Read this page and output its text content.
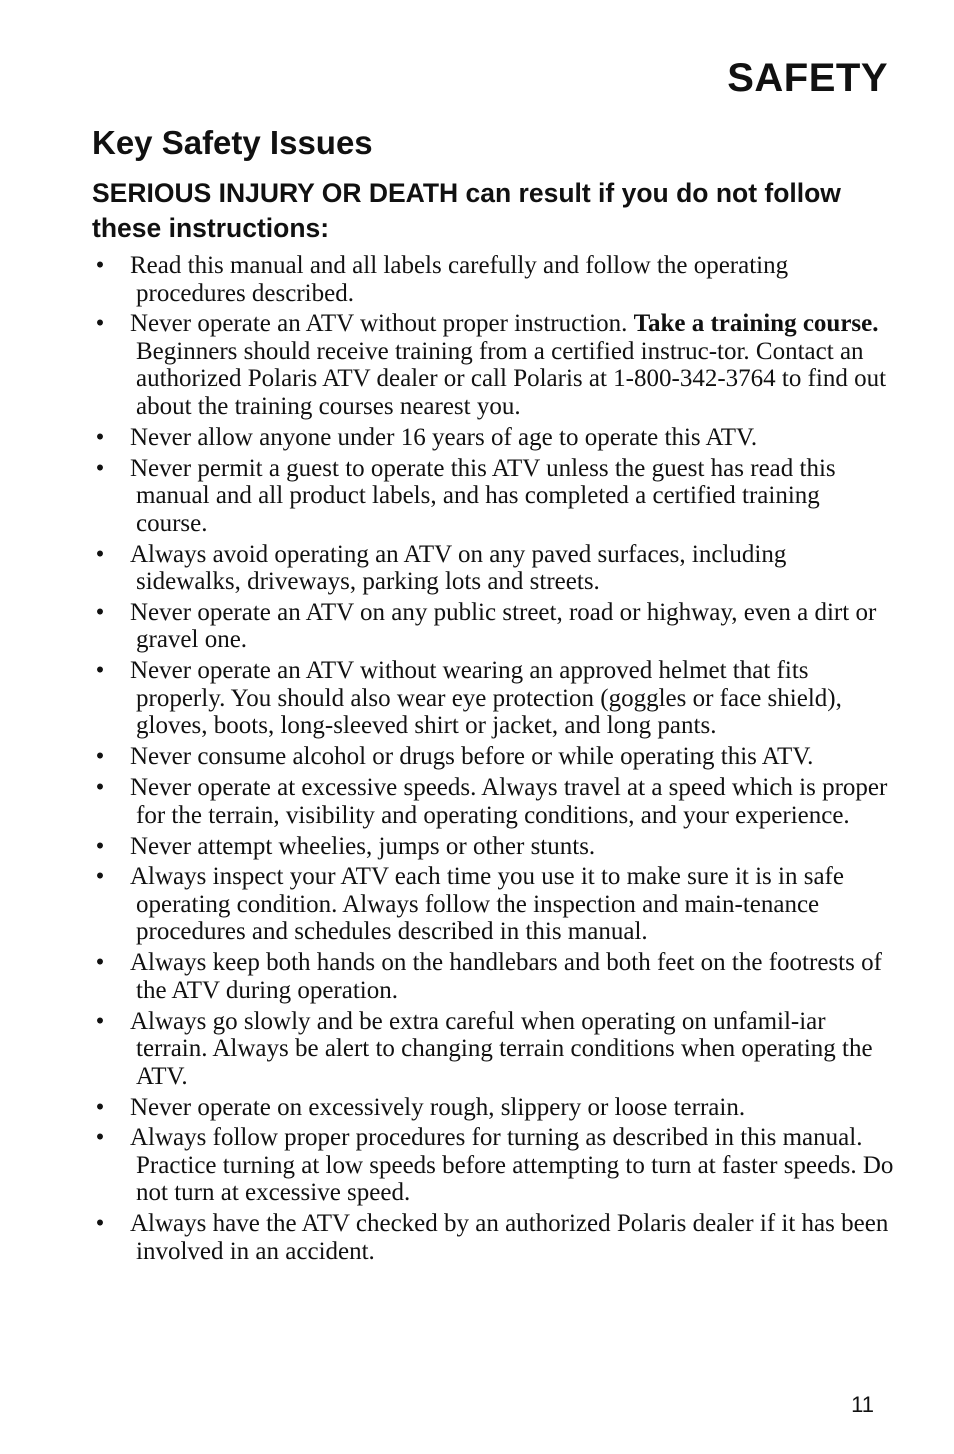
SAFETY
Key Safety Issues
SERIOUS INJURY OR DEATH can result if you do not follow these instructions:
• Read this manual and all labels carefully and follow the operating procedures described.
• Never operate an ATV without proper instruction. Take a training course. Beginners should receive training from a certified instruc-tor. Contact an authorized Polaris ATV dealer or call Polaris at 1-800-342-3764 to find out about the training courses nearest you.
• Never allow anyone under 16 years of age to operate this ATV.
• Never permit a guest to operate this ATV unless the guest has read this manual and all product labels, and has completed a certified training course.
• Always avoid operating an ATV on any paved surfaces, including sidewalks, driveways, parking lots and streets.
• Never operate an ATV on any public street, road or highway, even a dirt or gravel one.
• Never operate an ATV without wearing an approved helmet that fits properly. You should also wear eye protection (goggles or face shield), gloves, boots, long-sleeved shirt or jacket, and long pants.
• Never consume alcohol or drugs before or while operating this ATV.
• Never operate at excessive speeds. Always travel at a speed which is proper for the terrain, visibility and operating conditions, and your experience.
• Never attempt wheelies, jumps or other stunts.
• Always inspect your ATV each time you use it to make sure it is in safe operating condition. Always follow the inspection and main-tenance procedures and schedules described in this manual.
• Always keep both hands on the handlebars and both feet on the footrests of the ATV during operation.
• Always go slowly and be extra careful when operating on unfamil-iar terrain. Always be alert to changing terrain conditions when operating the ATV.
• Never operate on excessively rough, slippery or loose terrain.
• Always follow proper procedures for turning as described in this manual. Practice turning at low speeds before attempting to turn at faster speeds. Do not turn at excessive speed.
• Always have the ATV checked by an authorized Polaris dealer if it has been involved in an accident.
11
